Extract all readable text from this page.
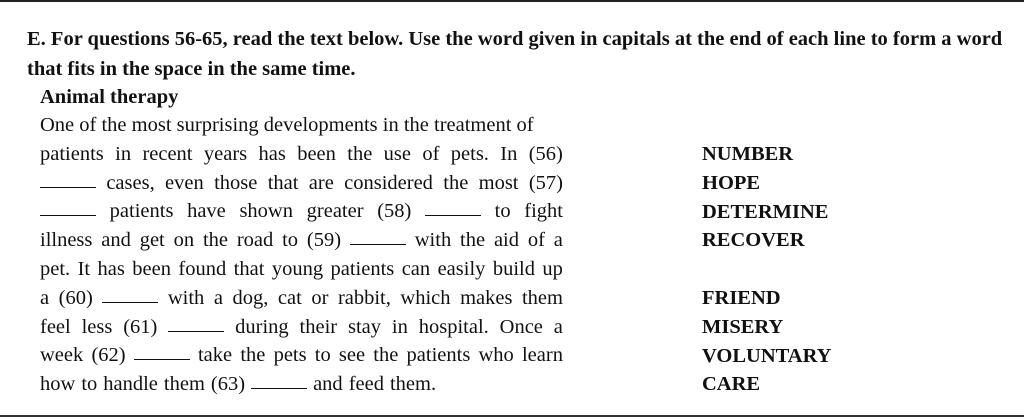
E. For questions 56-65, read the text below. Use the word given in capitals at the end of each line to form a word that fits in the space in the same time.
Animal therapy
One of the most surprising developments in the treatment of
patients in recent years has been the use of pets. In (56)
cases, even those that are considered the most (57)
patients have shown greater (58)	to fight
illness and get on the road to (59)	with the aid of a
pet. It has been found that young patients can easily build up
a (60)	with a dog, cat or rabbit, which makes them
feel less (61)	during their stay in hospital. Once a
week (62)	take the pets to see the patients who learn
how to handle them (63)	and feed them.
NUMBER
HOPE
DETERMINE
RECOVER
FRIEND
MISERY
VOLUNTARY
CARE
